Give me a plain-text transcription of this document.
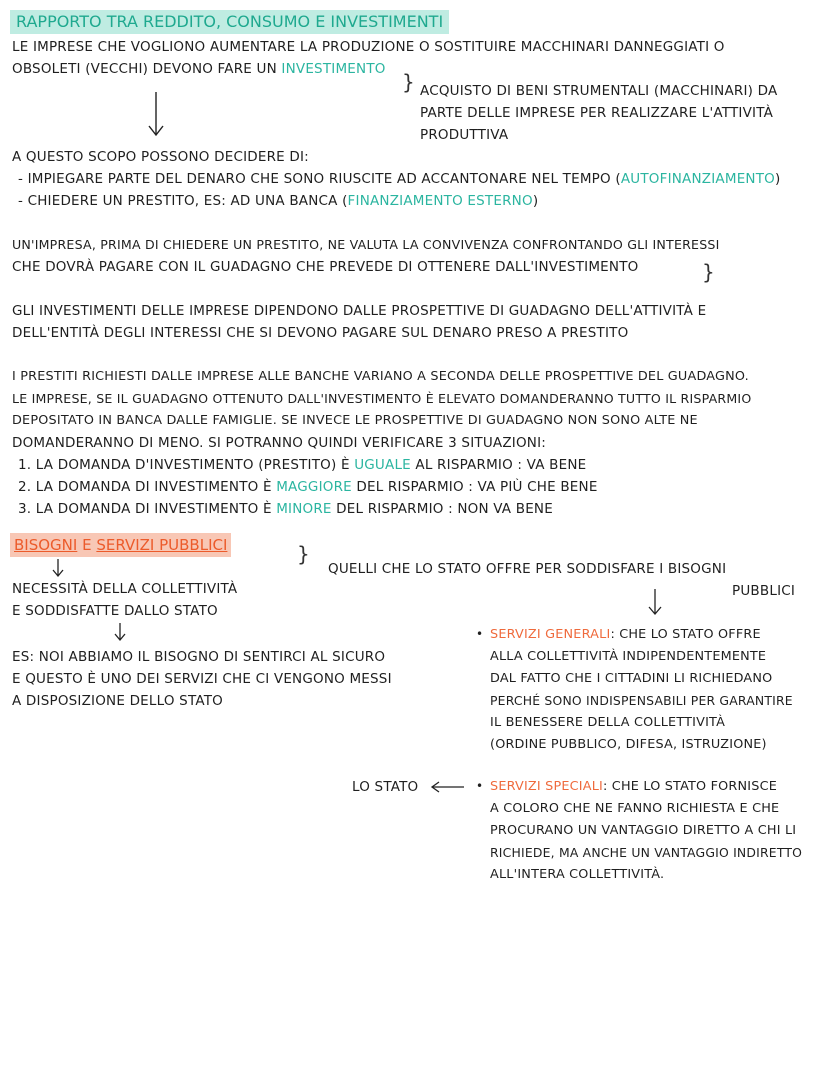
RAPPORTO TRA REDDITO, CONSUMO E INVESTIMENTI
LE IMPRESE CHE VOGLIONO AUMENTARE LA PRODUZIONE O SOSTITUIRE MACCHINARI DANNEGGIATI O
OBSOLETI (VECCHI) DEVONO FARE UN INVESTIMENTO
} ACQUISTO DI BENI STRUMENTALI (MACCHINARI) DA
PARTE DELLE IMPRESE PER REALIZZARE L'ATTIVITÀ
PRODUTTIVA
A QUESTO SCOPO POSSONO DECIDERE DI:
- IMPIEGARE PARTE DEL DENARO CHE SONO RIUSCITE AD ACCANTONARE NEL TEMPO (AUTOFINANZIAMENTO)
- CHIEDERE UN PRESTITO, ES: AD UNA BANCA (FINANZIAMENTO ESTERNO)
UN'IMPRESA, PRIMA DI CHIEDERE UN PRESTITO, NE VALUTA LA CONVIVENZA CONFRONTANDO GLI INTERESSI
CHE DOVRÀ PAGARE CON IL GUADAGNO CHE PREVEDE DI OTTENERE DALL'INVESTIMENTO	}
GLI INVESTIMENTI DELLE IMPRESE DIPENDONO DALLE PROSPETTIVE DI GUADAGNO DELL'ATTIVITÀ E
DELL'ENTITÀ DEGLI INTERESSI CHE SI DEVONO PAGARE SUL DENARO PRESO A PRESTITO
I PRESTITI RICHIESTI DALLE IMPRESE ALLE BANCHE VARIANO A SECONDA DELLE PROSPETTIVE DEL GUADAGNO.
LE IMPRESE, SE IL GUADAGNO OTTENUTO DALL'INVESTIMENTO È ELEVATO DOMANDERANNO TUTTO IL RISPARMIO
DEPOSITATO IN BANCA DALLE FAMIGLIE. SE INVECE LE PROSPETTIVE DI GUADAGNO NON SONO ALTE NE
DOMANDERANNO DI MENO. SI POTRANNO QUINDI VERIFICARE 3 SITUAZIONI:
1. LA DOMANDA D'INVESTIMENTO (PRESTITO) È UGUALE AL RISPARMIO : VA BENE
2. LA DOMANDA DI INVESTIMENTO È MAGGIORE DEL RISPARMIO : VA PIÙ CHE BENE
3. LA DOMANDA DI INVESTIMENTO È MINORE DEL RISPARMIO : NON VA BENE
BISOGNI E SERVIZI PUBBLICI	}
QUELLI CHE LO STATO OFFRE PER SODDISFARE I BISOGNI
PUBBLICI
NECESSITÀ DELLA COLLETTIVITÀ
E SODDISFATTE DALLO STATO
ES: NOI ABBIAMO IL BISOGNO DI SENTIRCI AL SICURO
E QUESTO È UNO DEI SERVIZI CHE CI VENGONO MESSI
A DISPOSIZIONE DELLO STATO
• SERVIZI GENERALI: CHE LO STATO OFFRE
ALLA COLLETTIVITÀ INDIPENDENTEMENTE
DAL FATTO CHE I CITTADINI LI RICHIEDANO
PERCHÉ SONO INDISPENSABILI PER GARANTIRE
IL BENESSERE DELLA COLLETTIVITÀ
(ORDINE PUBBLICO, DIFESA, ISTRUZIONE)
LO STATO	• SERVIZI SPECIALI: CHE LO STATO FORNISCE
A COLORO CHE NE FANNO RICHIESTA E CHE
PROCURANO UN VANTAGGIO DIRETTO A CHI LI
RICHIEDE, MA ANCHE UN VANTAGGIO INDIRETTO
ALL'INTERA COLLETTIVITÀ.
